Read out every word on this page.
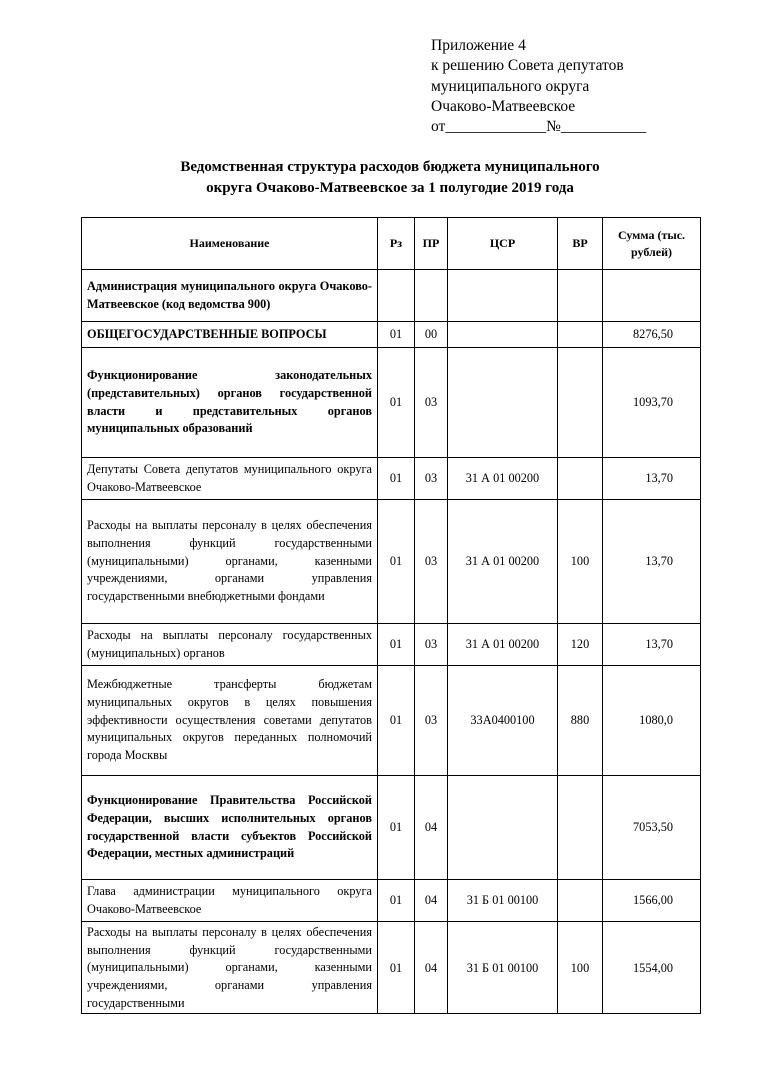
Приложение 4
к решению Совета депутатов
муниципального округа
Очаково-Матвеевское
от_____________№___________
Ведомственная структура расходов бюджета муниципального
округа Очаково-Матвеевское за 1 полугодие 2019 года
Наименование	Рз	ПР	ЦСР	ВР	Сумма (тыс. рублей)
Администрация муниципального округа Очаково-Матвеевское (код ведомства 900)					
ОБЩЕГОСУДАРСТВЕННЫЕ ВОПРОСЫ	01	00			8276,50
Функционирование законодательных (представительных) органов государственной власти и представительных органов муниципальных образований	01	03			1093,70
Депутаты Совета депутатов муниципального округа Очаково-Матвеевское	01	03	31 А 01 00200		13,70
Расходы на выплаты персоналу в целях обеспечения выполнения функций государственными (муниципальными) органами, казенными учреждениями, органами управления государственными внебюджетными фондами	01	03	31 А 01 00200	100	13,70
Расходы на выплаты персоналу государственных (муниципальных) органов	01	03	31 А 01 00200	120	13,70
Межбюджетные трансферты бюджетам муниципальных округов в целях повышения эффективности осуществления советами депутатов муниципальных округов переданных полномочий города Москвы	01	03	33А0400100	880	1080,0
Функционирование Правительства Российской Федерации, высших исполнительных органов государственной власти субъектов Российской Федерации, местных администраций	01	04			7053,50
Глава администрации муниципального округа Очаково-Матвеевское	01	04	31 Б 01 00100		1566,00
Расходы на выплаты персоналу в целях обеспечения выполнения функций государственными (муниципальными) органами, казенными учреждениями, органами управления государственными	01	04	31 Б 01 00100	100	1554,00
